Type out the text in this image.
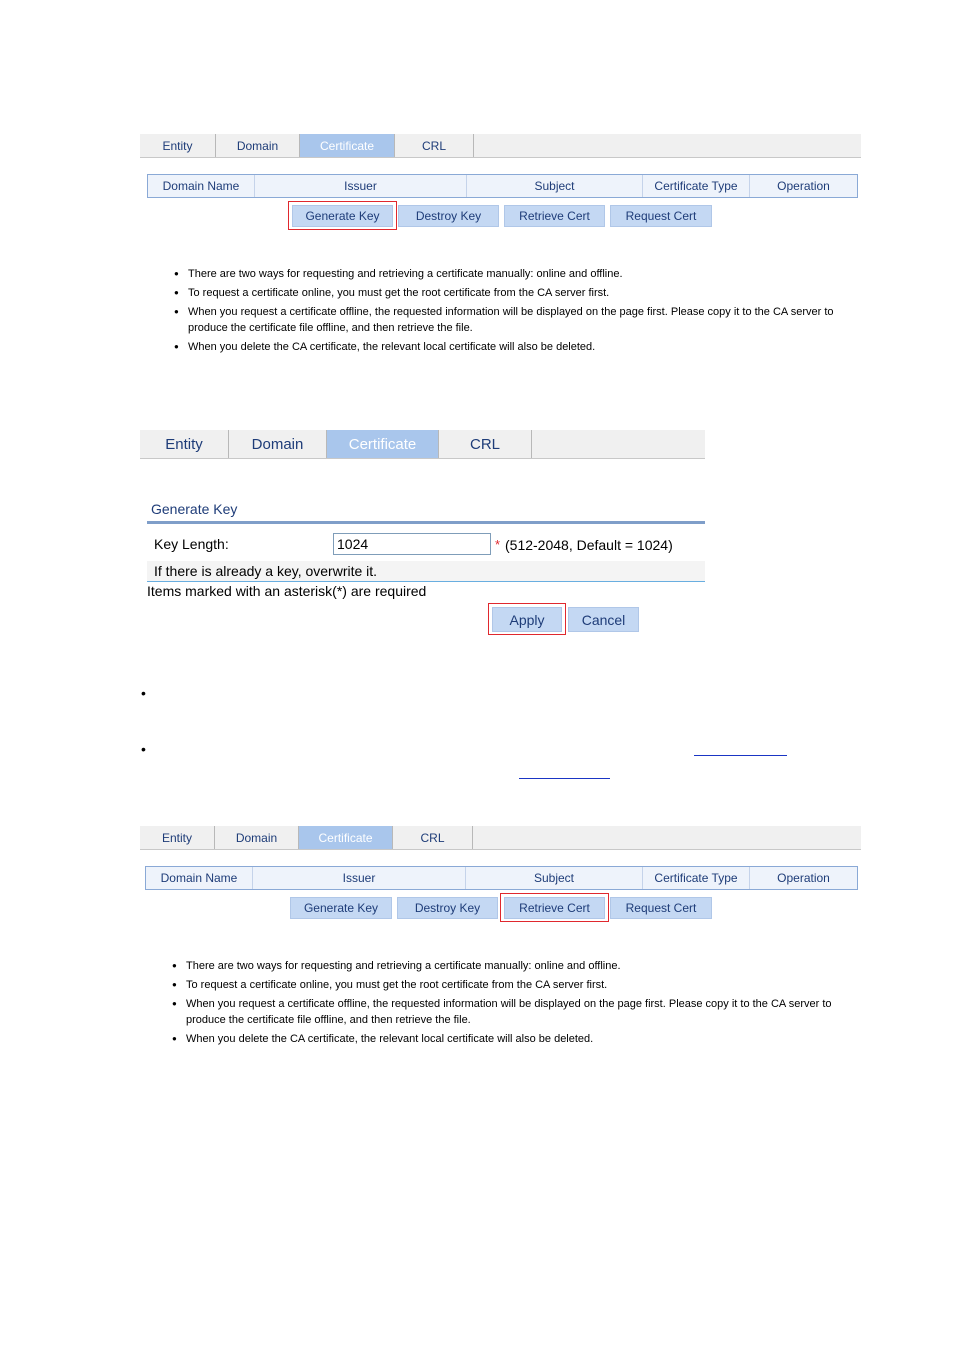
Entity	Domain	Certificate	CRL
Domain Name	Issuer	Subject	Certificate Type	Operation
Generate Key	Destroy Key	Retrieve Cert	Request Cert
● There are two ways for requesting and retrieving a certificate manually: online and offline.
● To request a certificate online, you must get the root certificate from the CA server first.
● When you request a certificate offline, the requested information will be displayed on the page first. Please copy it to the CA server to produce the certificate file offline, and then retrieve the file.
● When you delete the CA certificate, the relevant local certificate will also be deleted.
Entity	Domain	Certificate	CRL
Generate Key
Key Length:
1024	* (512-2048, Default = 1024)
If there is already a key, overwrite it.
Items marked with an asterisk(*) are required
Apply	Cancel
•
•
Entity	Domain	Certificate	CRL
Domain Name	Issuer	Subject	Certificate Type	Operation
Generate Key	Destroy Key	Retrieve Cert	Request Cert
● There are two ways for requesting and retrieving a certificate manually: online and offline.
● To request a certificate online, you must get the root certificate from the CA server first.
● When you request a certificate offline, the requested information will be displayed on the page first. Please copy it to the CA server to produce the certificate file offline, and then retrieve the file.
● When you delete the CA certificate, the relevant local certificate will also be deleted.
